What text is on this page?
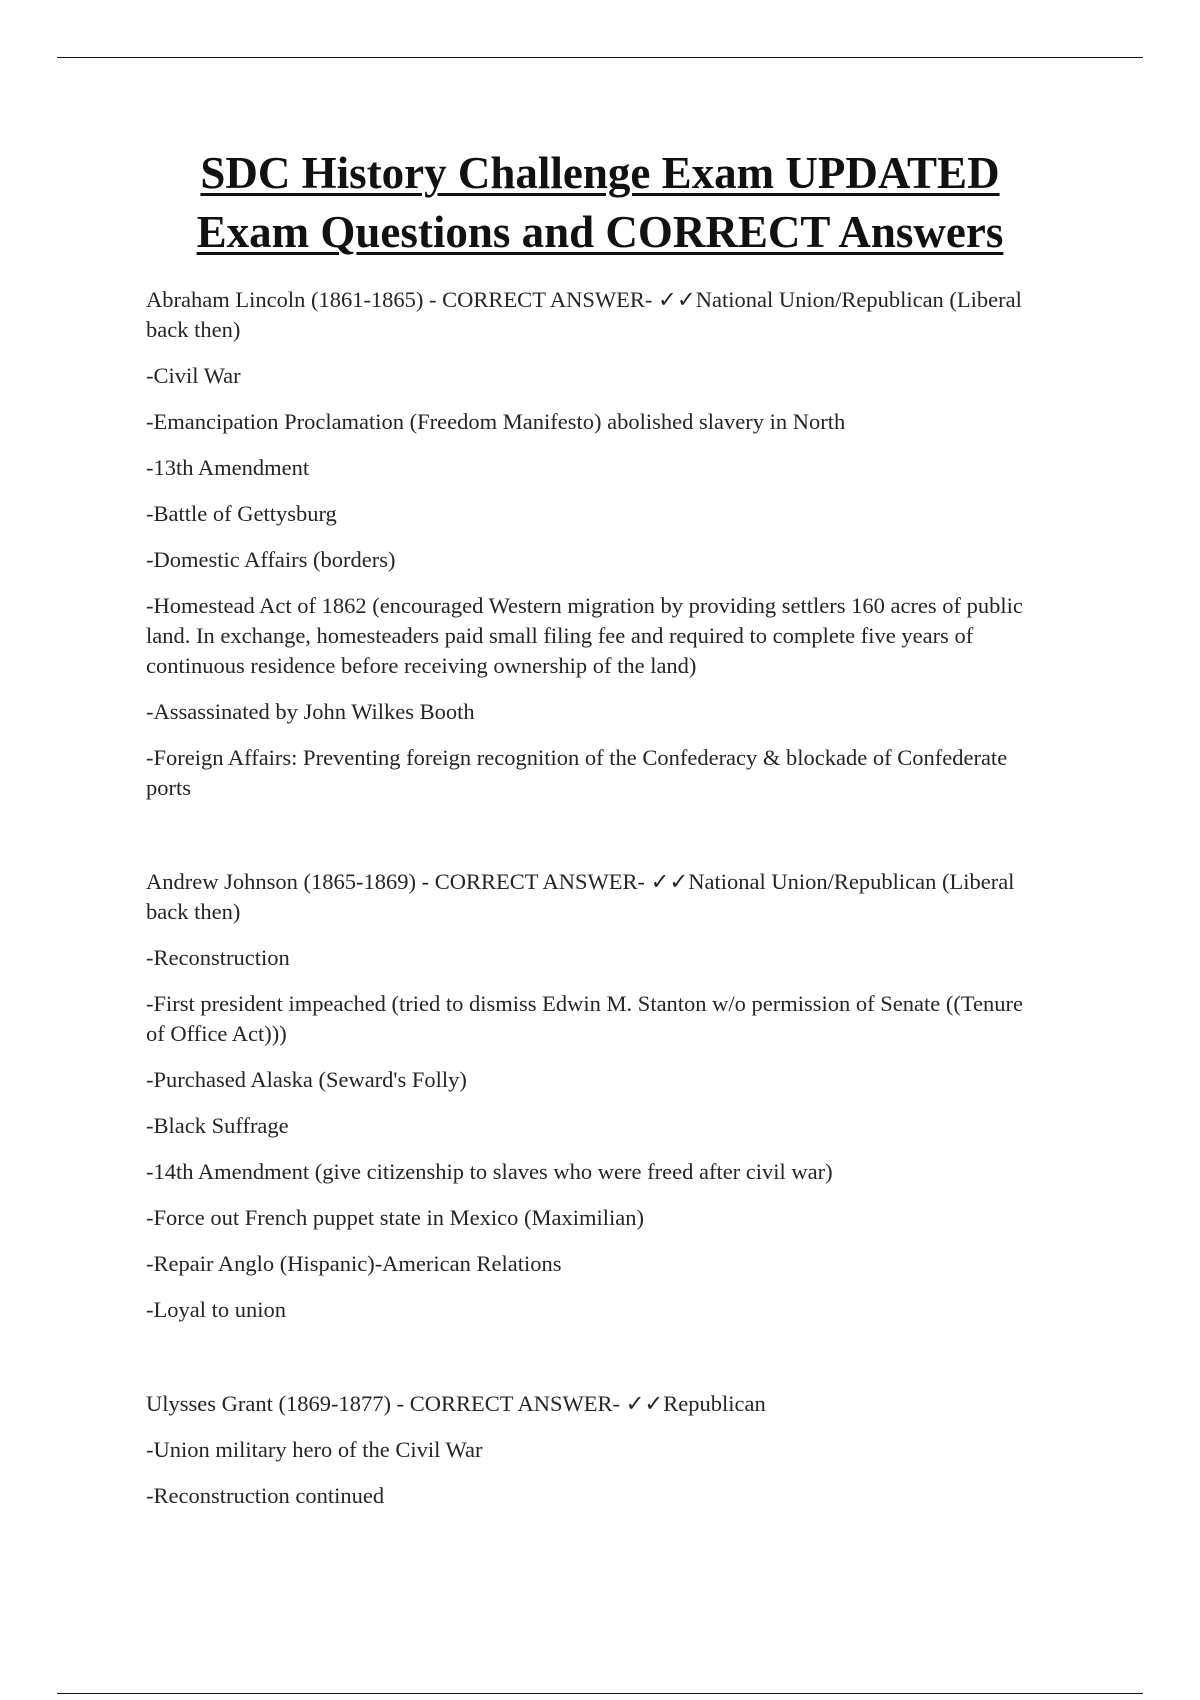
SDC History Challenge Exam UPDATED
Exam Questions and CORRECT Answers

Abraham Lincoln (1861-1865) - CORRECT ANSWER- ✓✓National Union/Republican (Liberal back then)

-Civil War

-Emancipation Proclamation (Freedom Manifesto) abolished slavery in North

-13th Amendment

-Battle of Gettysburg

-Domestic Affairs (borders)

-Homestead Act of 1862 (encouraged Western migration by providing settlers 160 acres of public land. In exchange, homesteaders paid small filing fee and required to complete five years of continuous residence before receiving ownership of the land)

-Assassinated by John Wilkes Booth

-Foreign Affairs: Preventing foreign recognition of the Confederacy & blockade of Confederate ports

Andrew Johnson (1865-1869) - CORRECT ANSWER- ✓✓National Union/Republican (Liberal back then)

-Reconstruction

-First president impeached (tried to dismiss Edwin M. Stanton w/o permission of Senate ((Tenure of Office Act)))

-Purchased Alaska (Seward's Folly)

-Black Suffrage

-14th Amendment (give citizenship to slaves who were freed after civil war)

-Force out French puppet state in Mexico (Maximilian)

-Repair Anglo (Hispanic)-American Relations

-Loyal to union

Ulysses Grant (1869-1877) - CORRECT ANSWER- ✓✓Republican

-Union military hero of the Civil War

-Reconstruction continued
